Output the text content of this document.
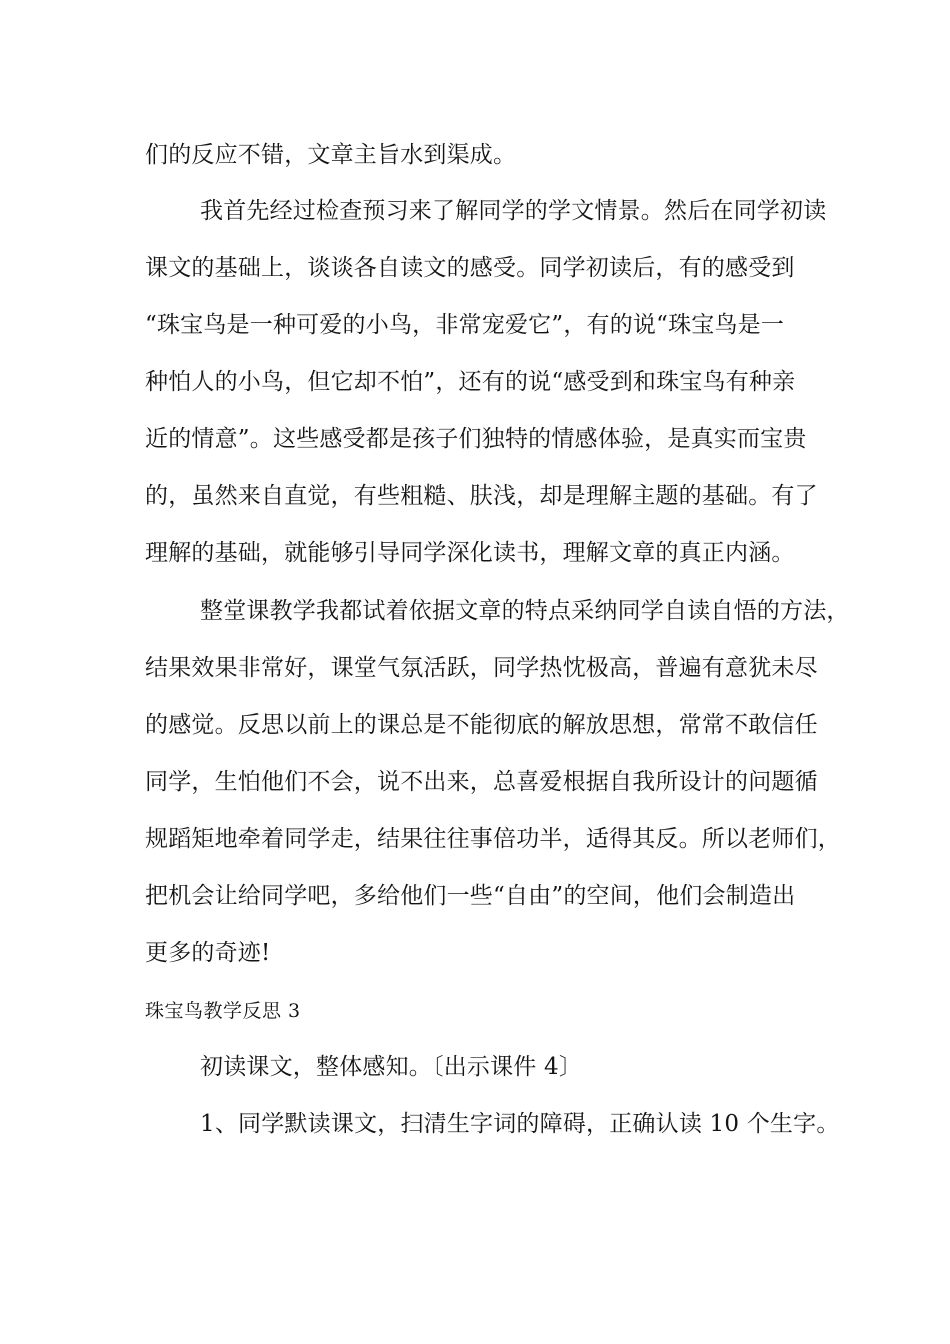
们的反应不错，文章主旨水到渠成。
我首先经过检查预习来了解同学的学文情景。然后在同学初读
课文的基础上，谈谈各自读文的感受。同学初读后，有的感受到
“珠宝鸟是一种可爱的小鸟，非常宠爱它”，有的说“珠宝鸟是一
种怕人的小鸟，但它却不怕”，还有的说“感受到和珠宝鸟有种亲
近的情意”。这些感受都是孩子们独特的情感体验，是真实而宝贵
的，虽然来自直觉，有些粗糙、肤浅，却是理解主题的基础。有了
理解的基础，就能够引导同学深化读书，理解文章的真正内涵。
整堂课教学我都试着依据文章的特点采纳同学自读自悟的方法，
结果效果非常好，课堂气氛活跃，同学热忱极高，普遍有意犹未尽
的感觉。反思以前上的课总是不能彻底的解放思想，常常不敢信任
同学，生怕他们不会，说不出来，总喜爱根据自我所设计的问题循
规蹈矩地牵着同学走，结果往往事倍功半，适得其反。所以老师们，
把机会让给同学吧，多给他们一些“自由”的空间，他们会制造出
更多的奇迹!
珠宝鸟教学反思 3
初读课文，整体感知。〔出示课件 4〕
1、同学默读课文，扫清生字词的障碍，正确认读 10 个生字。
